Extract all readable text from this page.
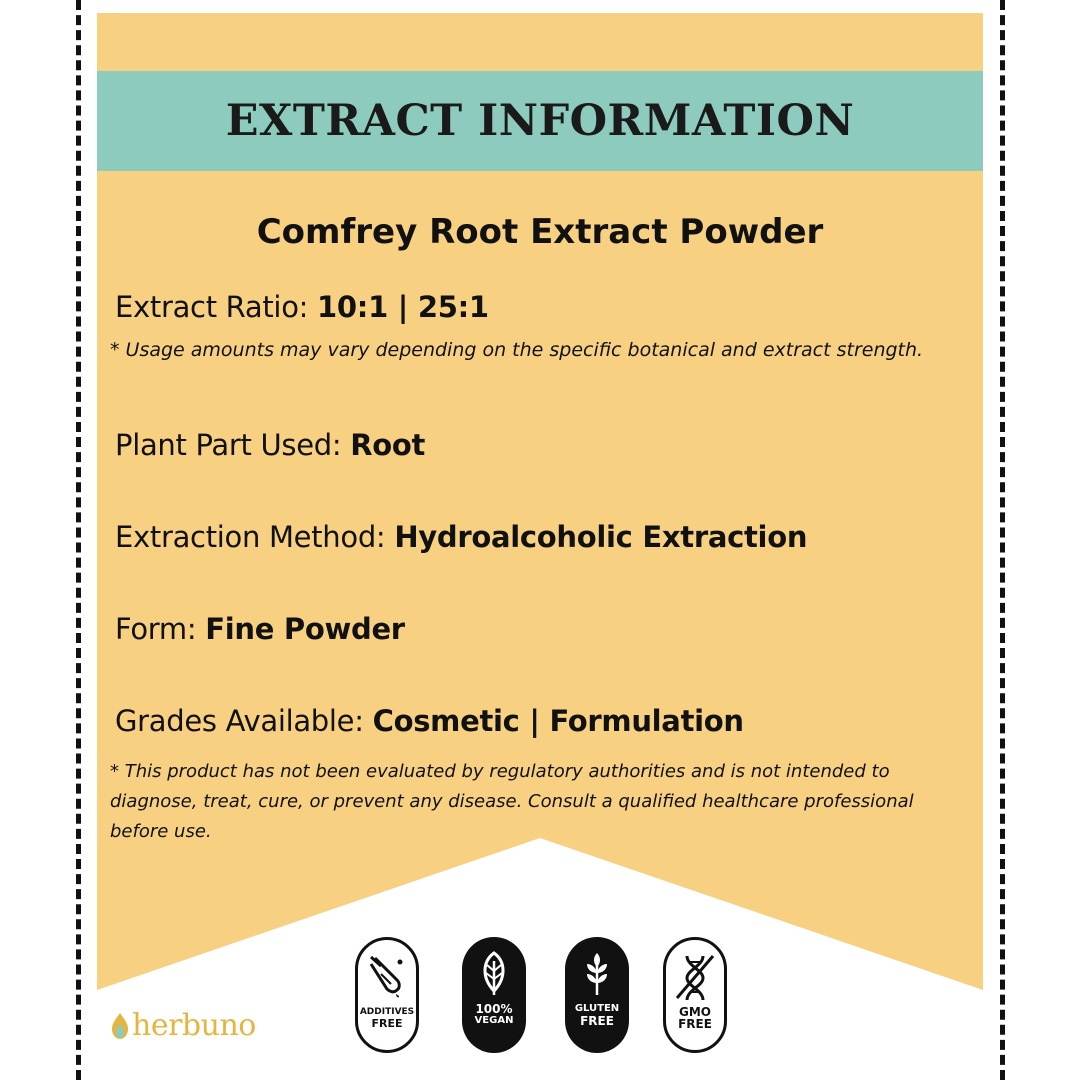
EXTRACT INFORMATION
Comfrey Root Extract Powder
Extract Ratio: 10:1 | 25:1
* Usage amounts may vary depending on the specific botanical and extract strength.
Plant Part Used: Root
Extraction Method: Hydroalcoholic Extraction
Form: Fine Powder
Grades Available: Cosmetic | Formulation
* This product has not been evaluated by regulatory authorities and is not intended to diagnose, treat, cure, or prevent any disease. Consult a qualified healthcare professional before use.
herbuno	ADDITIVES
FREE
100%
VEGAN
GLUTEN
FREE
GMO
FREE
